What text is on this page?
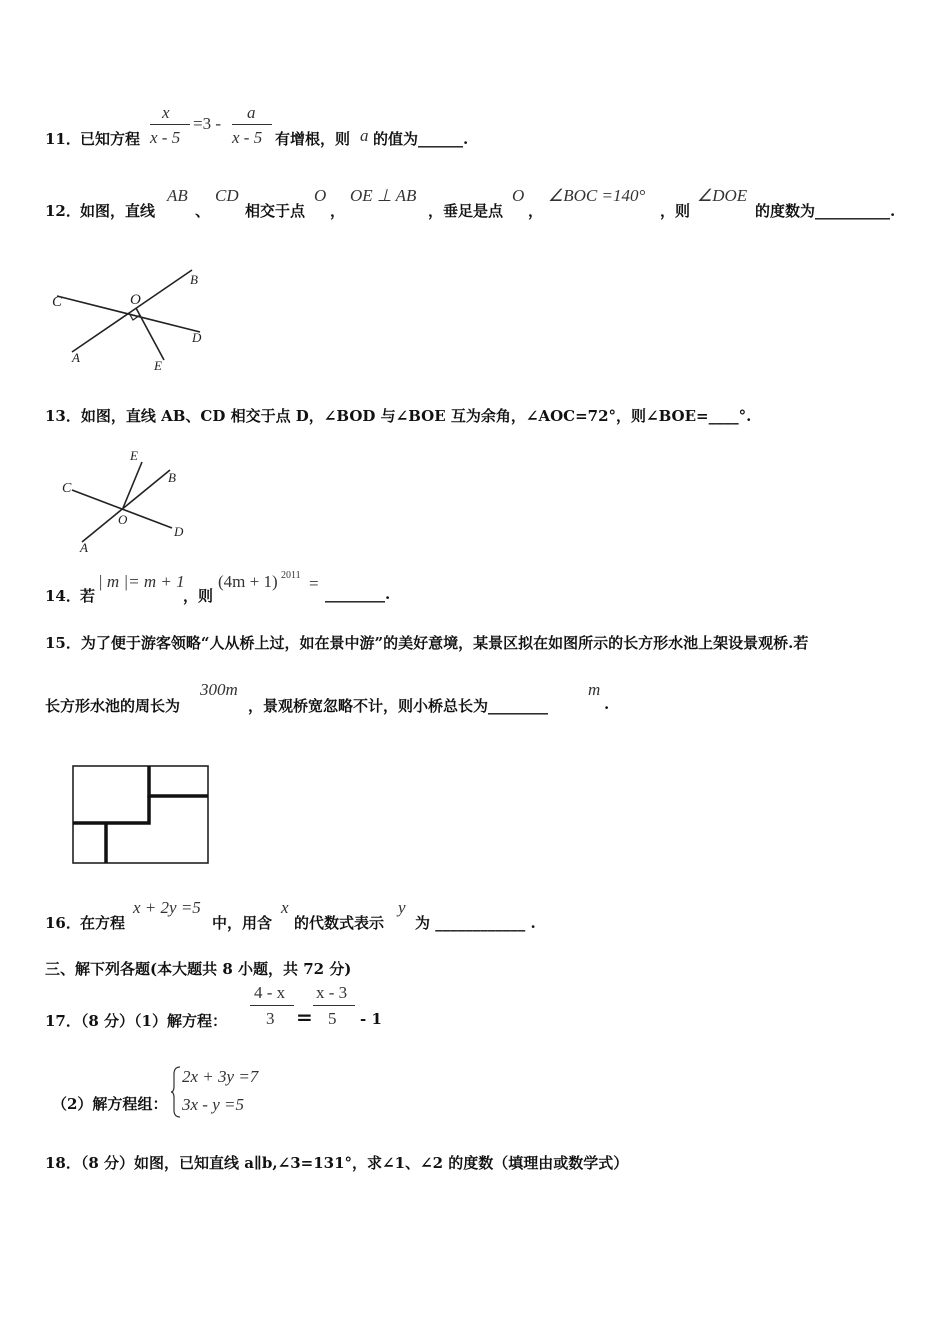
11． 已知方程
x
x - 5
=3 -
a
x - 5 有增根，则 a 的值为______.
12． 如图，直线
AB
、
CD
相交于点
O
，
OE ⊥ AB
，垂足是点
O
，
∠BOC =140°
，则
∠DOE
的度数为__________.
C	O
B
A
E
D
13．如图，直线 AB、CD 相交于点 D，∠BOD 与∠BOE 互为余角，∠AOC=72°，则∠BOE=____°.
E
C
B
O
D
A
14． 若
| m |= m + 1
，则
(4m + 1) 2011 =
________.
15．为了便于游客领略“人从桥上过，如在景中游”的美好意境，某景区拟在如图所示的长方形水池上架设景观桥.若
长方形水池的周长为
300m
，景观桥宽忽略不计，则小桥总长为________
m
.
16． 在方程
x + 2y =5
中，用含
x
的代数式表示
y
为 ____________ .
三、解下列各题(本大题共 8 小题，共 72 分)
17．（8 分）（1）解方程：
4 - x
3 =
x - 3
5 - 1
（2）解方程组：
2x + 3y =7
3x - y =5
18．（8 分）如图，已知直线 a∥b,∠3=131°，求∠1、∠2 的度数（填理由或数学式）
